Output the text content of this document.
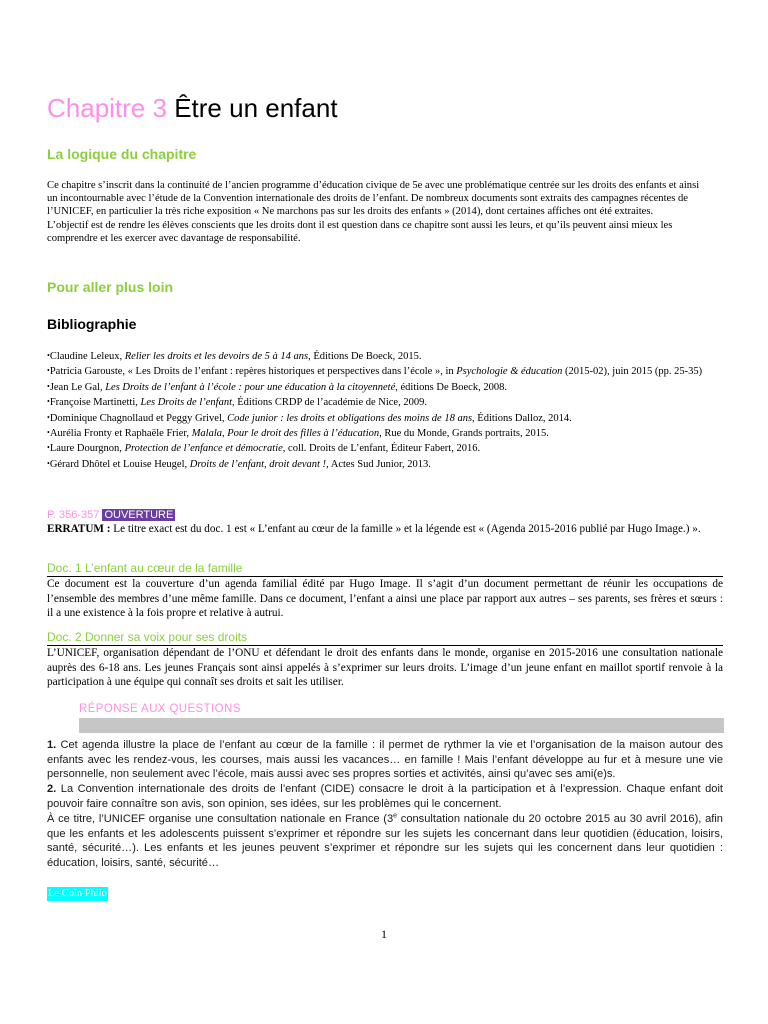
Chapitre 3 Être un enfant
La logique du chapitre

Ce chapitre s’inscrit dans la continuité de l’ancien programme d’éducation civique de 5e avec une problématique centrée sur les droits des enfants et ainsi un incontournable avec l’étude de la Convention internationale des droits de l’enfant. De nombreux documents sont extraits des campagnes récentes de l’UNICEF, en particulier la très riche exposition « Ne marchons pas sur les droits des enfants » (2014), dont certaines affiches ont été extraites.

L’objectif est de rendre les élèves conscients que les droits dont il est question dans ce chapitre sont aussi les leurs, et qu’ils peuvent ainsi mieux les comprendre et les exercer avec davantage de responsabilité.

Pour aller plus loin
Bibliographie
•Claudine Leleux, Relier les droits et les devoirs de 5 à 14 ans, Éditions De Boeck, 2015.
•Patricia Garouste, « Les Droits de l’enfant : repères historiques et perspectives dans l’école », in Psychologie & éducation (2015-02), juin 2015 (pp. 25-35)
•Jean Le Gal, Les Droits de l’enfant à l’école : pour une éducation à la citoyenneté, éditions De Boeck, 2008.
•Françoise Martinetti, Les Droits de l’enfant, Éditions CRDP de l’académie de Nice, 2009.
•Dominique Chagnollaud et Peggy Grivel, Code junior : les droits et obligations des moins de 18 ans, Éditions Dalloz, 2014.
•Aurélia Fronty et Raphaële Frier, Malala, Pour le droit des filles à l’éducation, Rue du Monde, Grands portraits, 2015.
•Laure Dourgnon, Protection de l’enfance et démocratie, coll. Droits de L’enfant, Éditeur Fabert, 2016.
•Gérard Dhôtel et Louise Heugel, Droits de l’enfant, droit devant !, Actes Sud Junior, 2013.
P. 356-357 OUVERTURE
ERRATUM : Le titre exact est du doc. 1 est « L’enfant au cœur de la famille » et la légende est « (Agenda 2015-2016 publié par Hugo Image.) ».
Doc. 1 L’enfant au cœur de la famille
Ce document est la couverture d’un agenda familial édité par Hugo Image. Il s’agit d’un document permettant de réunir les occupations de l’ensemble des membres d’une même famille. Dans ce document, l’enfant a ainsi une place par rapport aux autres – ses parents, ses frères et sœurs : il a une existence à la fois propre et relative à autrui.
Doc. 2 Donner sa voix pour ses droits
L’UNICEF, organisation dépendant de l’ONU et défendant le droit des enfants dans le monde, organise en 2015-2016 une consultation nationale auprès des 6-18 ans. Les jeunes Français sont ainsi appelés à s’exprimer sur leurs droits. L’image d’un jeune enfant en maillot sportif renvoie à la participation à une équipe qui connaît ses droits et sait les utiliser.
RÉPONSE AUX QUESTIONS
1. Cet agenda illustre la place de l’enfant au cœur de la famille : il permet de rythmer la vie et l’organisation de la maison autour des enfants avec les rendez-vous, les courses, mais aussi les vacances… en famille ! Mais l’enfant développe au fur et à mesure une vie personnelle, non seulement avec l’école, mais aussi avec ses propres sorties et activités, ainsi qu’avec ses ami(e)s.
2. La Convention internationale des droits de l’enfant (CIDE) consacre le droit à la participation et à l’expression. Chaque enfant doit pouvoir faire connaître son avis, son opinion, ses idées, sur les problèmes qui le concernent.
À ce titre, l’UNICEF organise une consultation nationale en France (3e consultation nationale du 20 octobre 2015 au 30 avril 2016), afin que les enfants et les adolescents puissent s’exprimer et répondre sur les sujets les concernant dans leur quotidien (éducation, loisirs, santé, sécurité…). Les enfants et les jeunes peuvent s’exprimer et répondre sur les sujets qui les concernent dans leur quotidien : éducation, loisirs, santé, sécurité…
Le Coin Philo
1
